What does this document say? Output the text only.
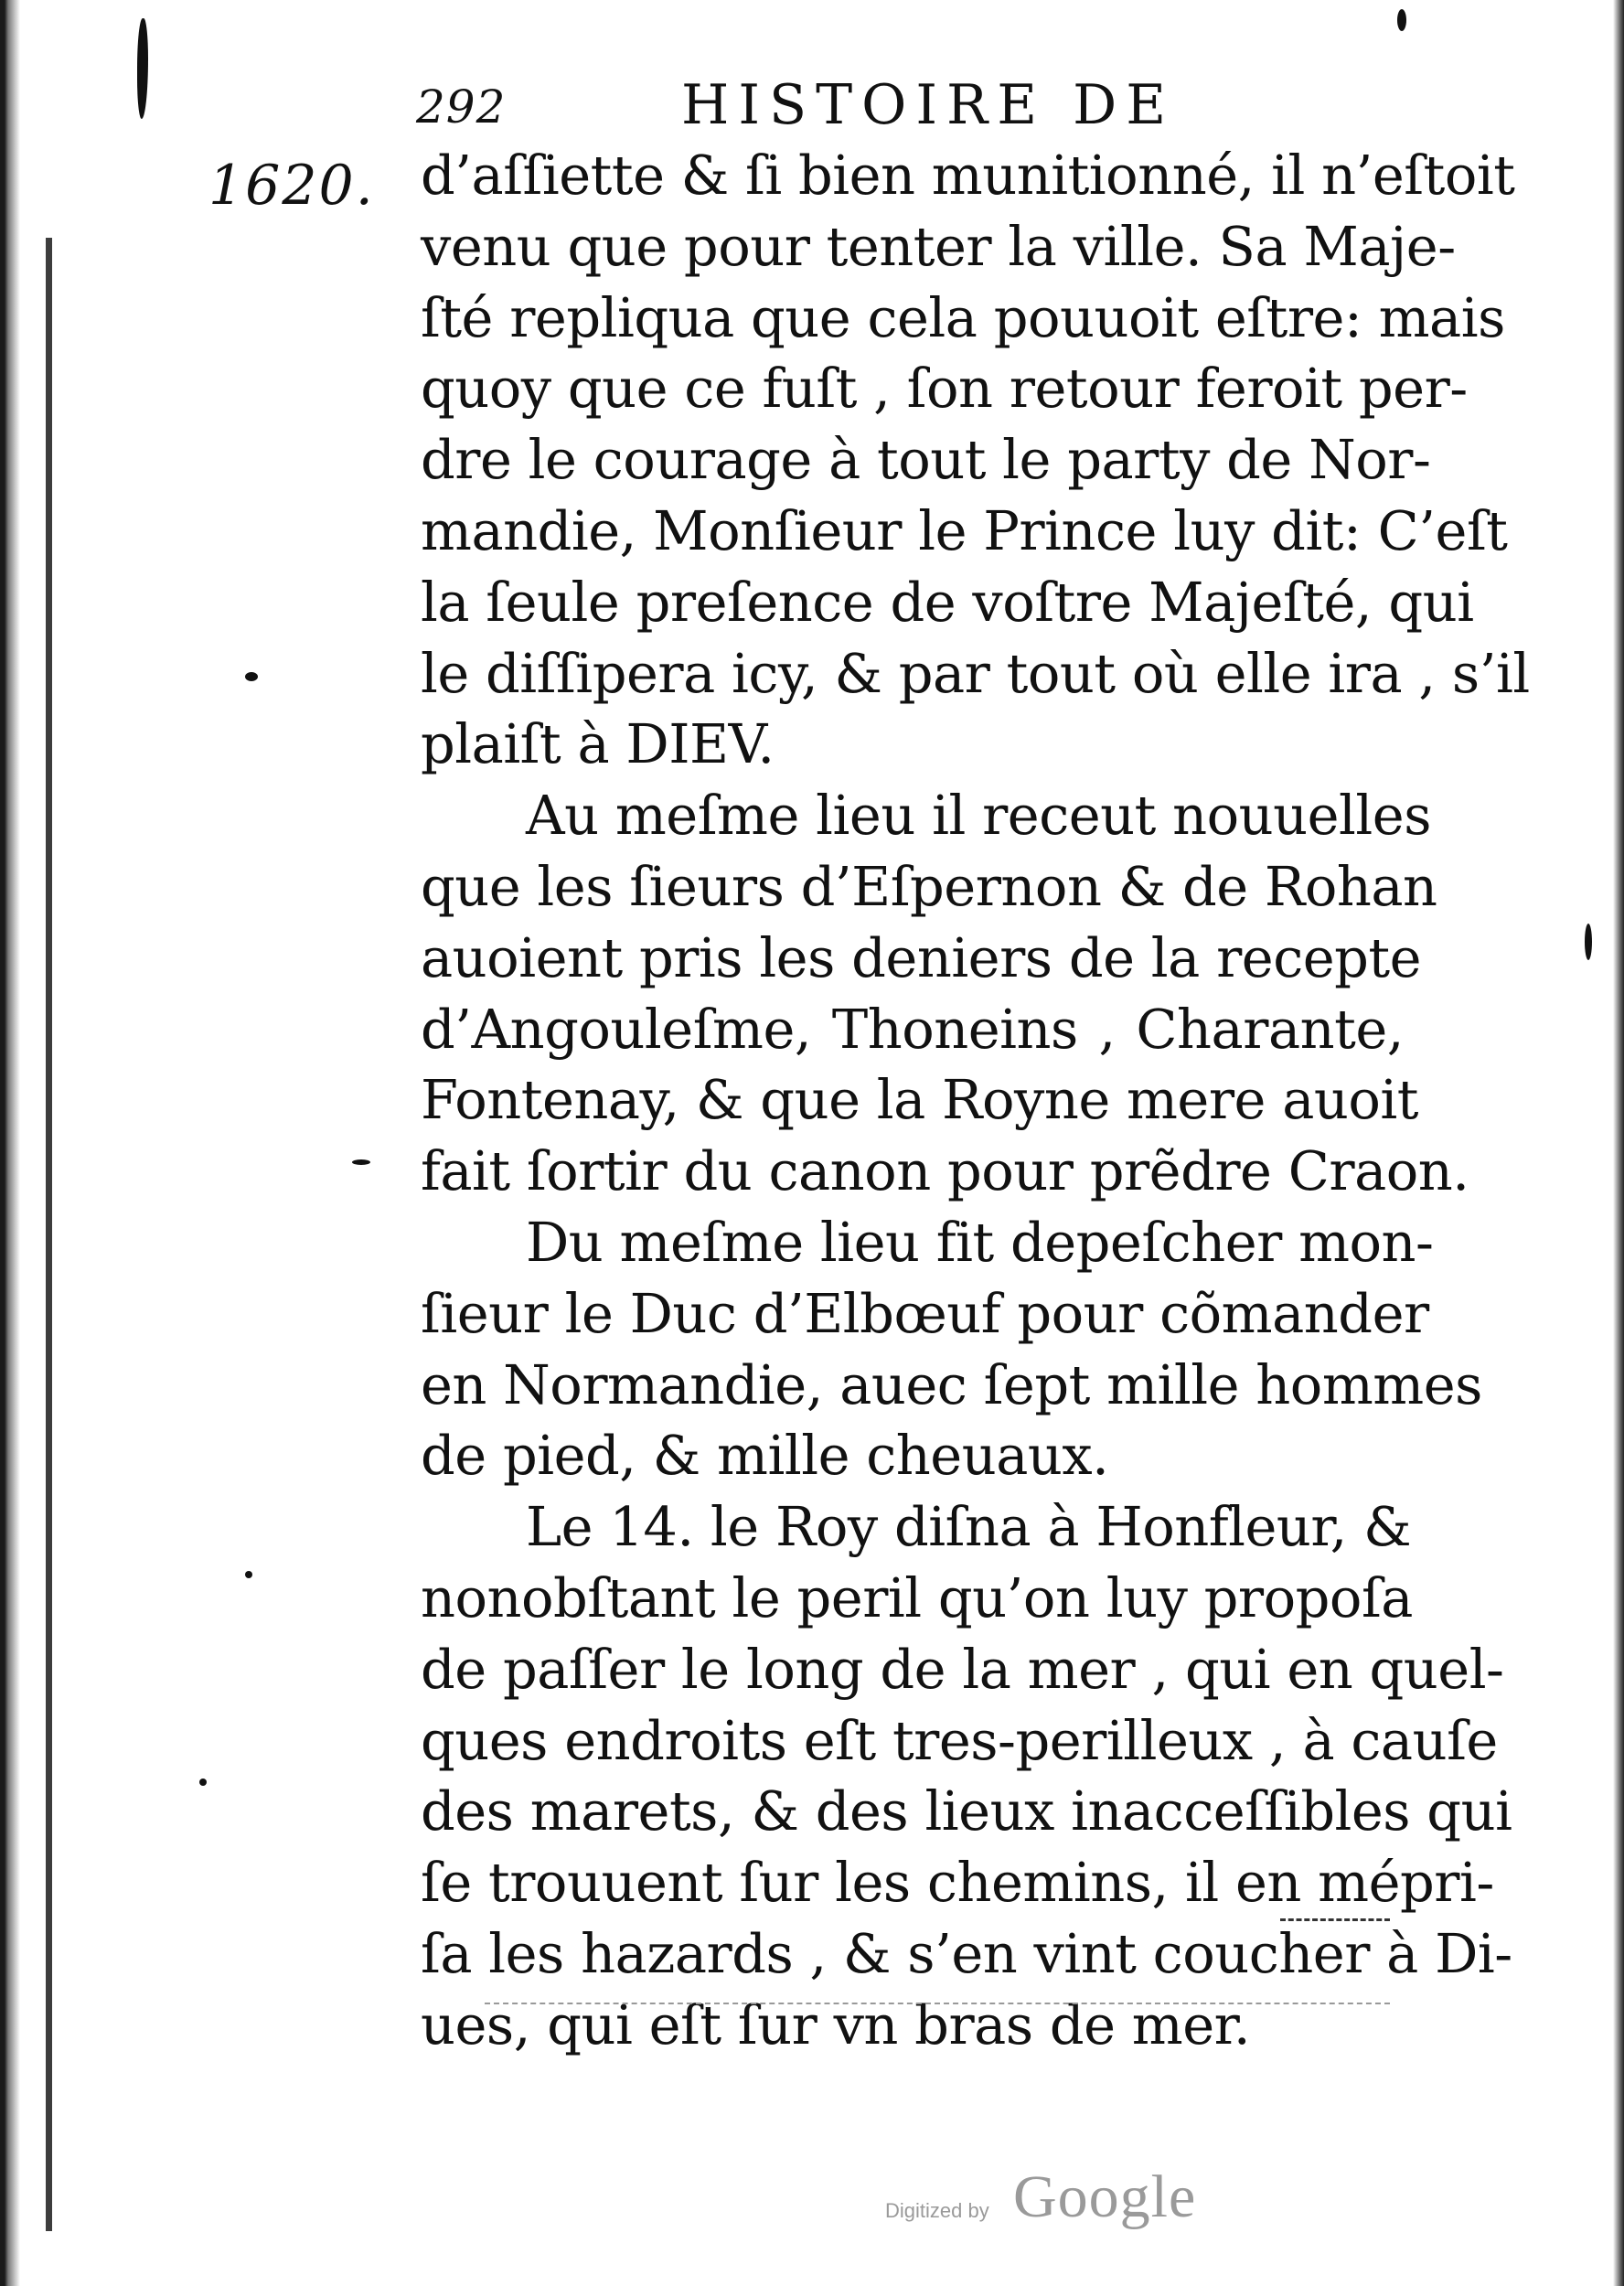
292	HISTOIRE DE
1620. d’aſſiette & ſi bien munitionné, il n’eſtoit
venu que pour tenter la ville. Sa Maje-
ſté repliqua que cela pouuoit eſtre: mais
quoy que ce fuſt , ſon retour feroit per-
dre le courage à tout le party de Nor-
mandie, Monſieur le Prince luy dit: C’eſt
la ſeule preſence de voſtre Majeſté, qui
le diſſipera icy, & par tout où elle ira , s’il
plaiſt à DIEV.
Au meſme lieu il receut nouuelles
que les ſieurs d’Eſpernon & de Rohan
auoient pris les deniers de la recepte
d’Angouleſme, Thoneins , Charante,
Fontenay, & que la Royne mere auoit
fait ſortir du canon pour prẽdre Craon.
Du meſme lieu fit depeſcher mon-
ſieur le Duc d’Elbœuf pour cõmander
en Normandie, auec ſept mille hommes
de pied, & mille cheuaux.
Le 14. le Roy diſna à Honfleur, &
nonobſtant le peril qu’on luy propoſa
de paſſer le long de la mer , qui en quel-
ques endroits eſt tres-perilleux , à cauſe
des marets, & des lieux inacceſſibles qui
ſe trouuent ſur les chemins, il en mépri-
ſa les hazards , & s’en vint coucher à Di-
ues, qui eſt ſur vn bras de mer.
Digitized by Google
